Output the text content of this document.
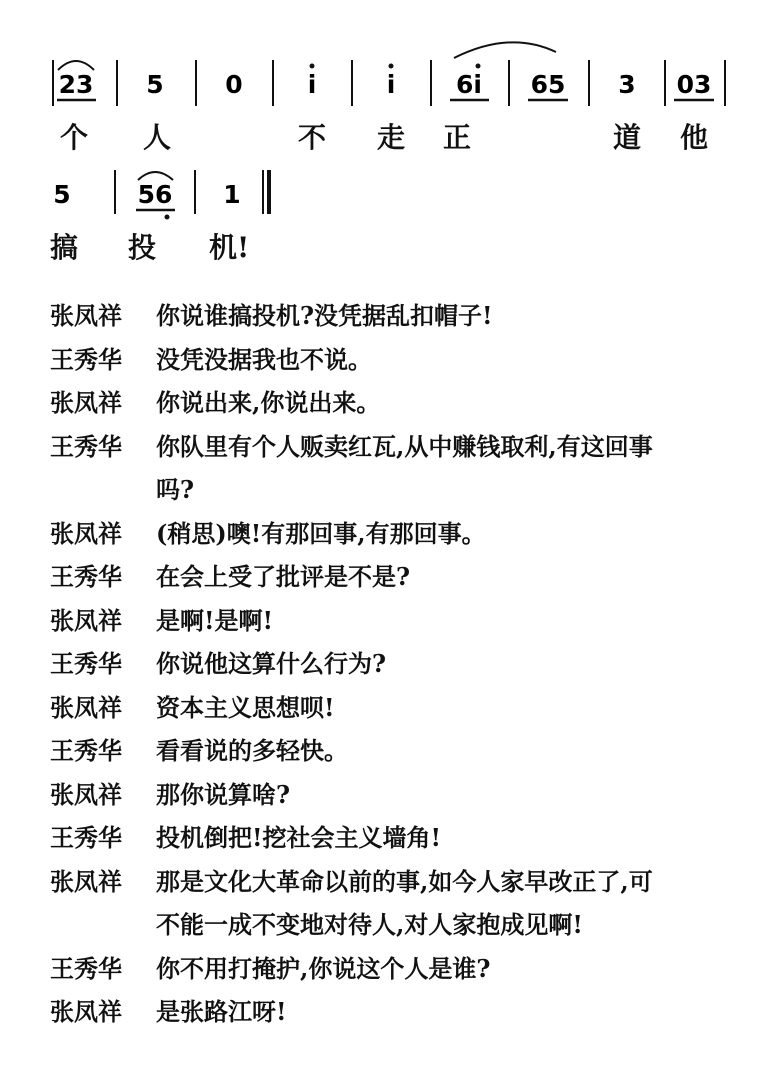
23 5 0	i	i 6i 65 3 03
5	56 1
个 人	不 走 正	道 他
搞 投 机!
张凤祥	你说谁搞投机?没凭据乱扣帽子!
王秀华	没凭没据我也不说。
张凤祥	你说出来,你说出来。
王秀华	你队里有个人贩卖红瓦,从中赚钱取利,有这回事
吗?
张凤祥	(稍思)噢!有那回事,有那回事。
王秀华	在会上受了批评是不是?
张凤祥	是啊!是啊!
王秀华	你说他这算什么行为?
张凤祥	资本主义思想呗!
王秀华	看看说的多轻快。
张凤祥	那你说算啥?
王秀华	投机倒把!挖社会主义墙角!
张凤祥	那是文化大革命以前的事,如今人家早改正了,可
不能一成不变地对待人,对人家抱成见啊!
王秀华	你不用打掩护,你说这个人是谁?
张凤祥	是张路江呀!
